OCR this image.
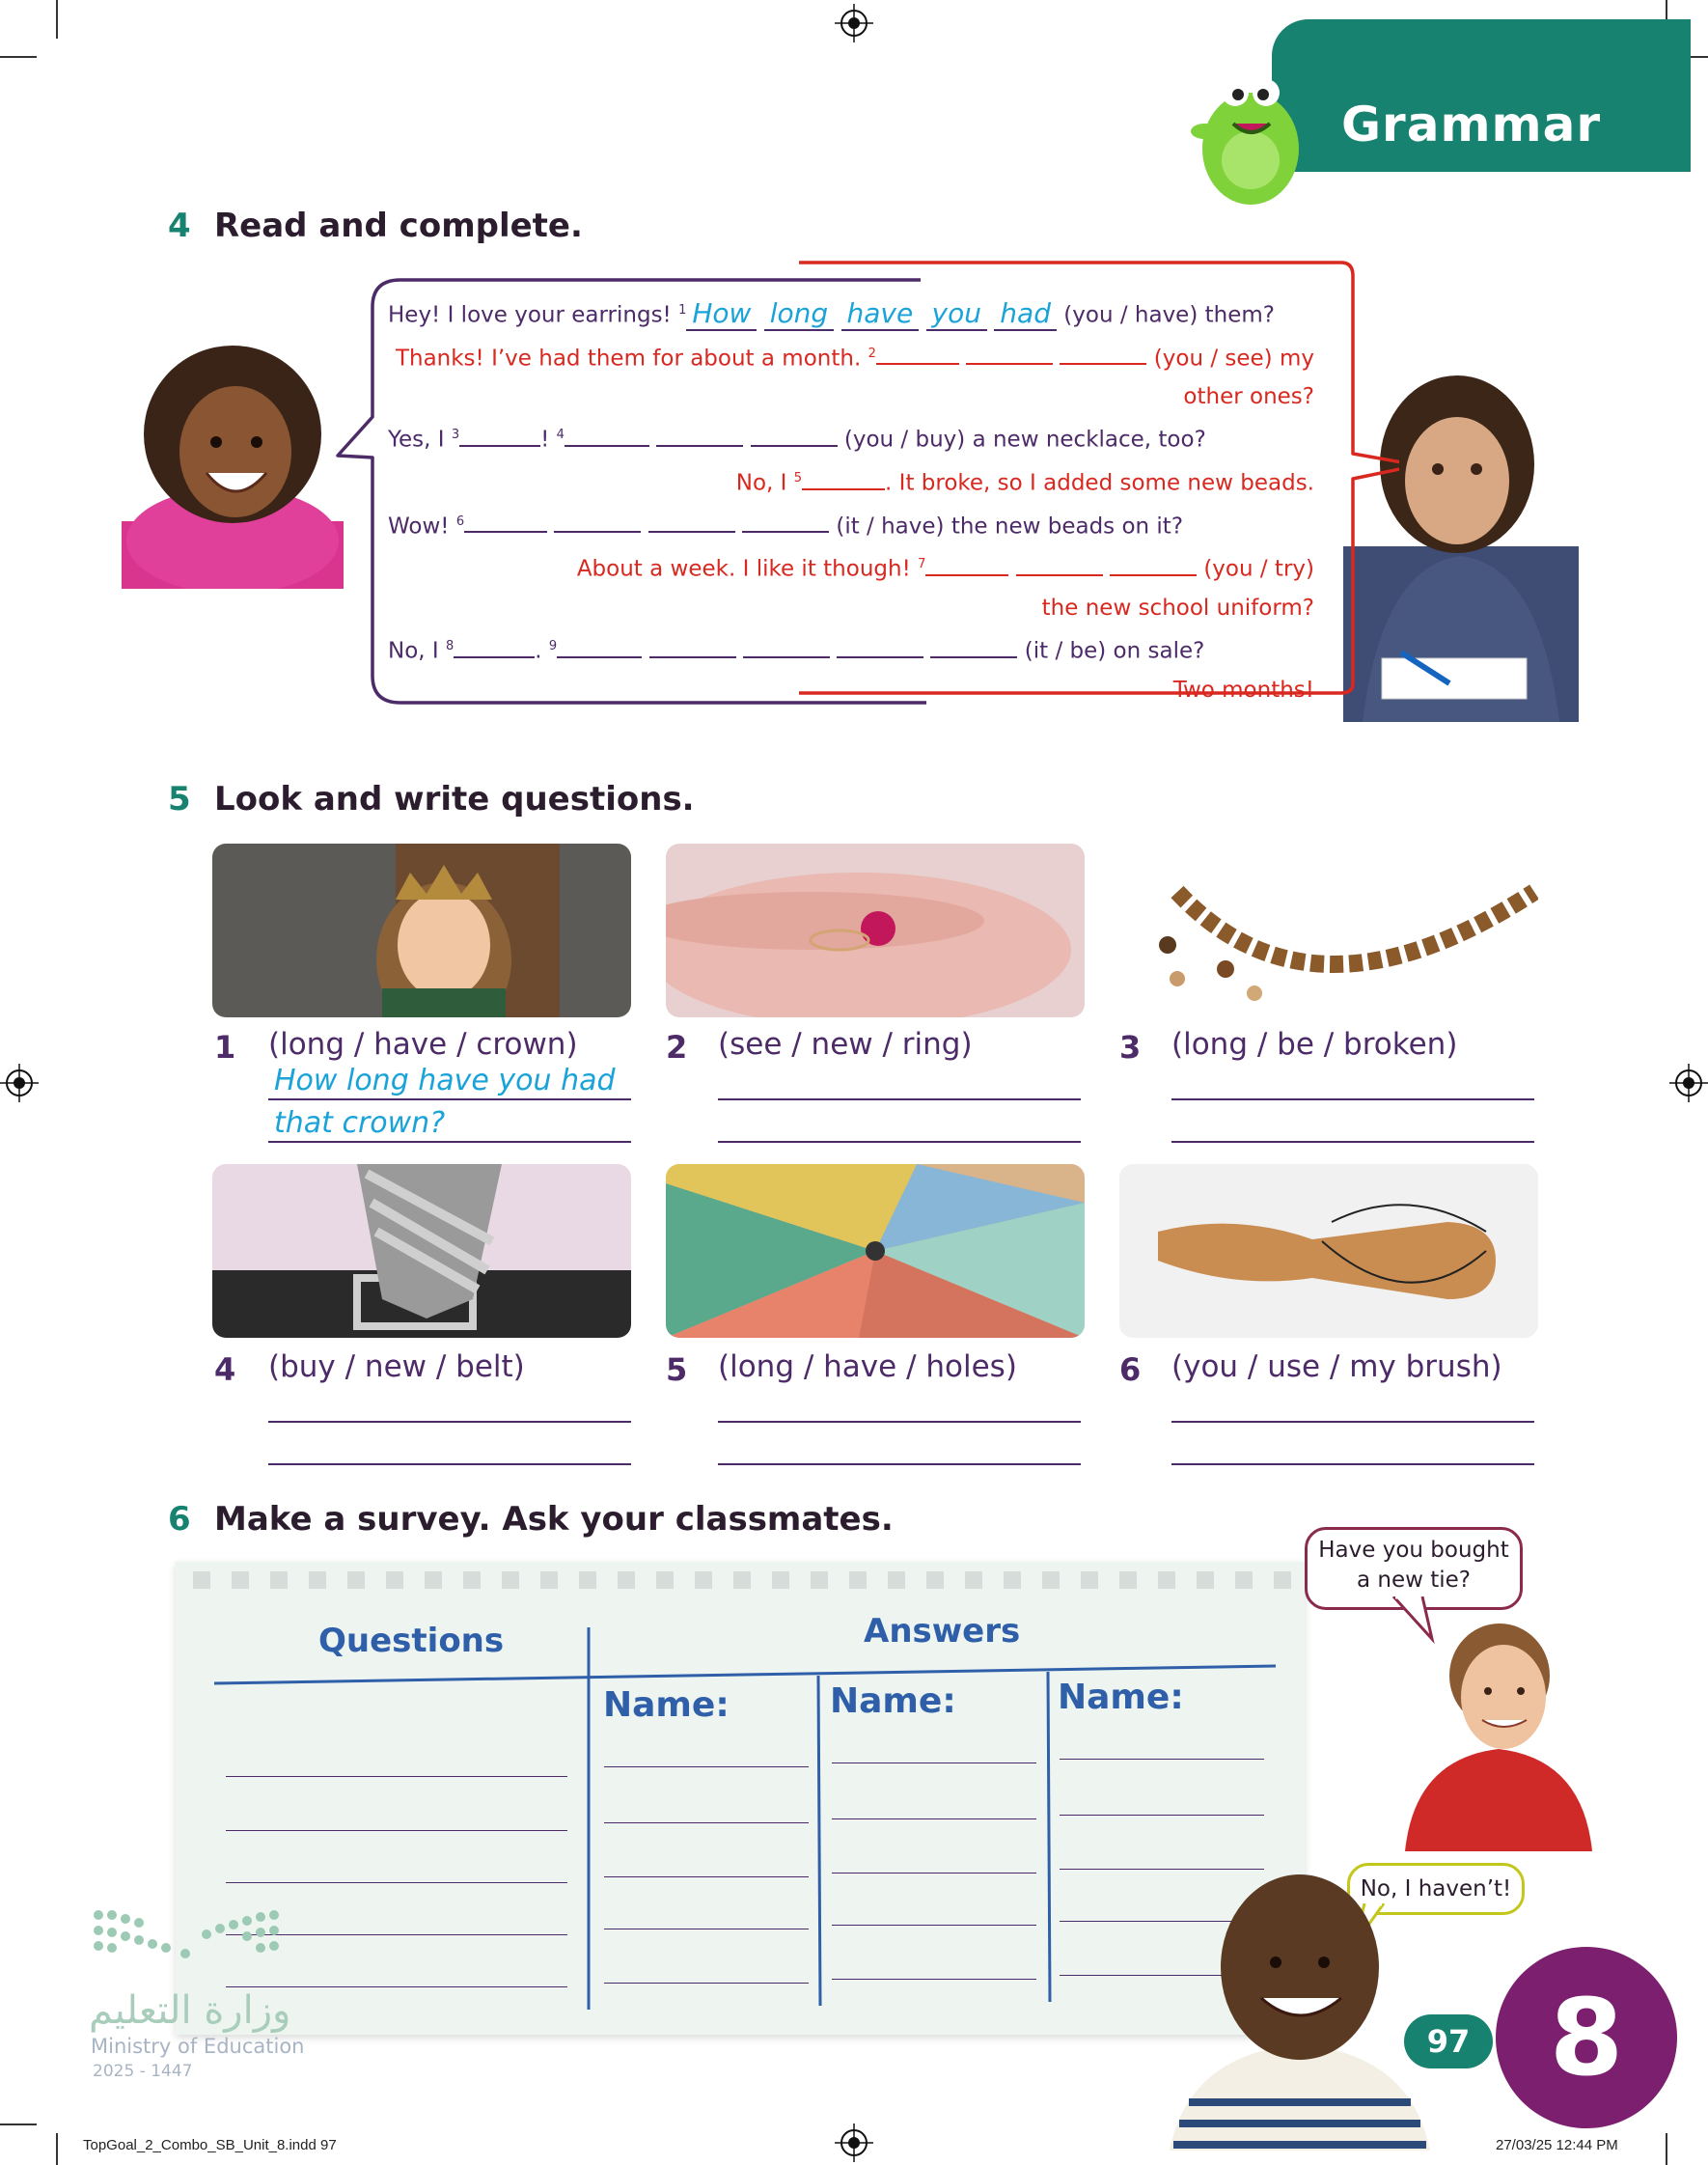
Grammar
4 Read and complete.
Hey! I love your earrings! $^1$ How long have you had (you / have) them?
Thanks! I’ve had them for about a month. $^2$	(you / see) my
other ones?
Yes, I $^3$	! $^4$	(you / buy) a new necklace, too?
No, I $^5$	. It broke, so I added some new beads.
Wow! $^6$	(it / have) the new beads on it?
About a week. I like it though! $^7$	(you / try)
the new school uniform?
No, I $^8$	. $^9$	(it / be) on sale?
Two months!
5 Look and write questions.
1 (long / have / crown)
How long have you had
that crown?
2 (see / new / ring)	3 (long / be / broken)
4 (buy / new / belt)	5 (long / have / holes)	6 (you / use / my brush)
6 Make a survey. Ask your classmates.
Questions	Answers
Name:	Name:	Name:
Have you bought
a new tie?
No, I haven’t!
97 8
وزارة التعليم
Ministry of Education
2025 - 1447
TopGoal_2_Combo_SB_Unit_8.indd 97	27/03/25 12:44 PM
